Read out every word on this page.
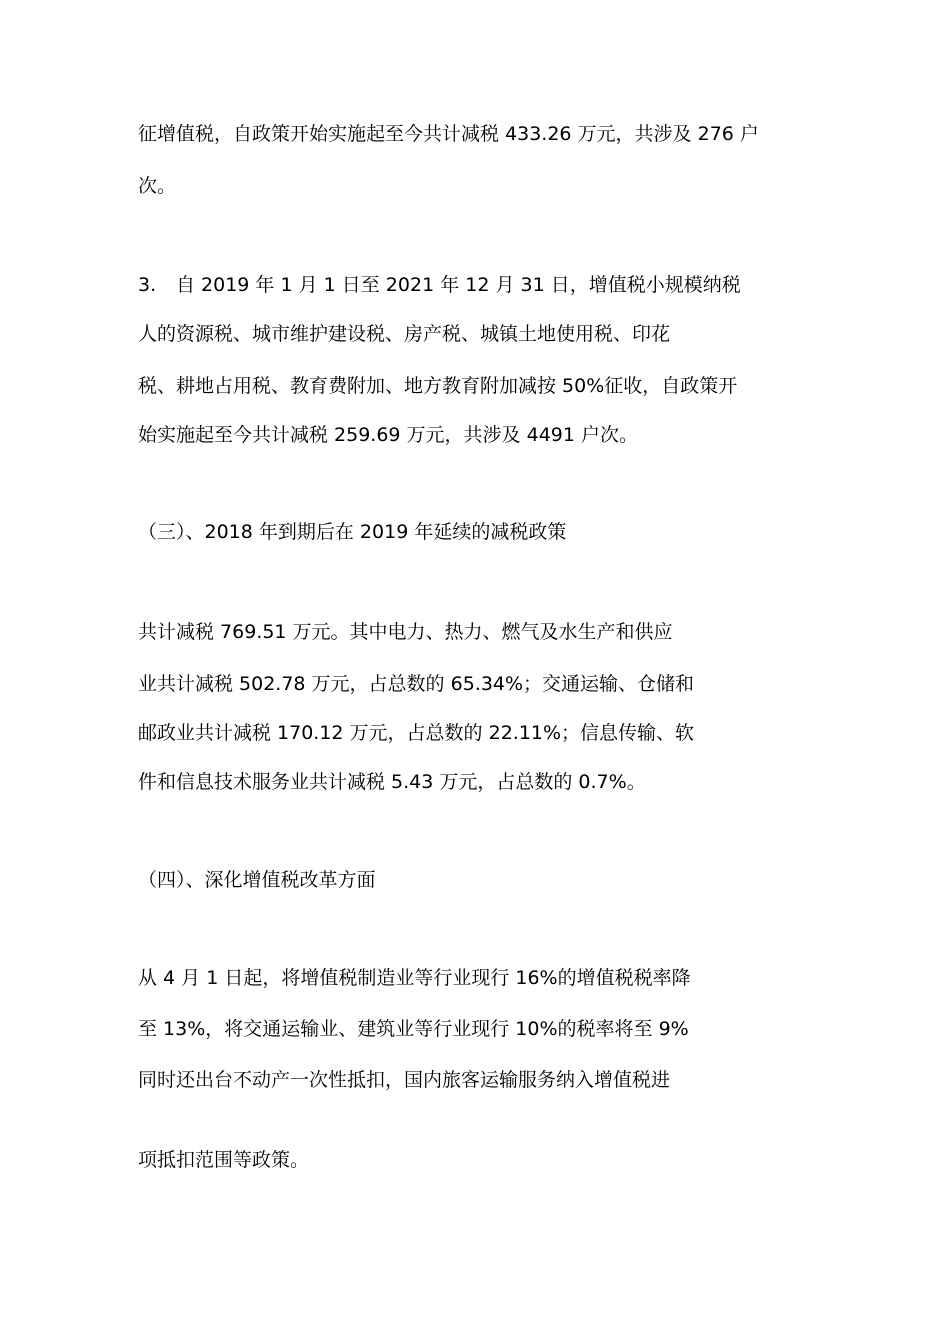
征增值税，自政策开始实施起至今共计减税 433.26 万元，共涉及 276 户
次。
3. 自 2019 年 1 月 1 日至 2021 年 12 月 31 日，增值税小规模纳税
人的资源税、城市维护建设税、房产税、城镇土地使用税、印花
税、耕地占用税、教育费附加、地方教育附加减按 50%征收，自政策开
始实施起至今共计减税 259.69 万元，共涉及 4491 户次。
（三）、2018 年到期后在 2019 年延续的减税政策
共计减税 769.51 万元。其中电力、热力、燃气及水生产和供应
业共计减税 502.78 万元，占总数的 65.34%；交通运输、仓储和
邮政业共计减税 170.12 万元，占总数的 22.11%；信息传输、软
件和信息技术服务业共计减税 5.43 万元，占总数的 0.7%。
（四）、深化增值税改革方面
从 4 月 1 日起，将增值税制造业等行业现行 16%的增值税税率降
至 13%，将交通运输业、建筑业等行业现行 10%的税率将至 9%
同时还出台不动产一次性抵扣，国内旅客运输服务纳入增值税进
项抵扣范围等政策。
